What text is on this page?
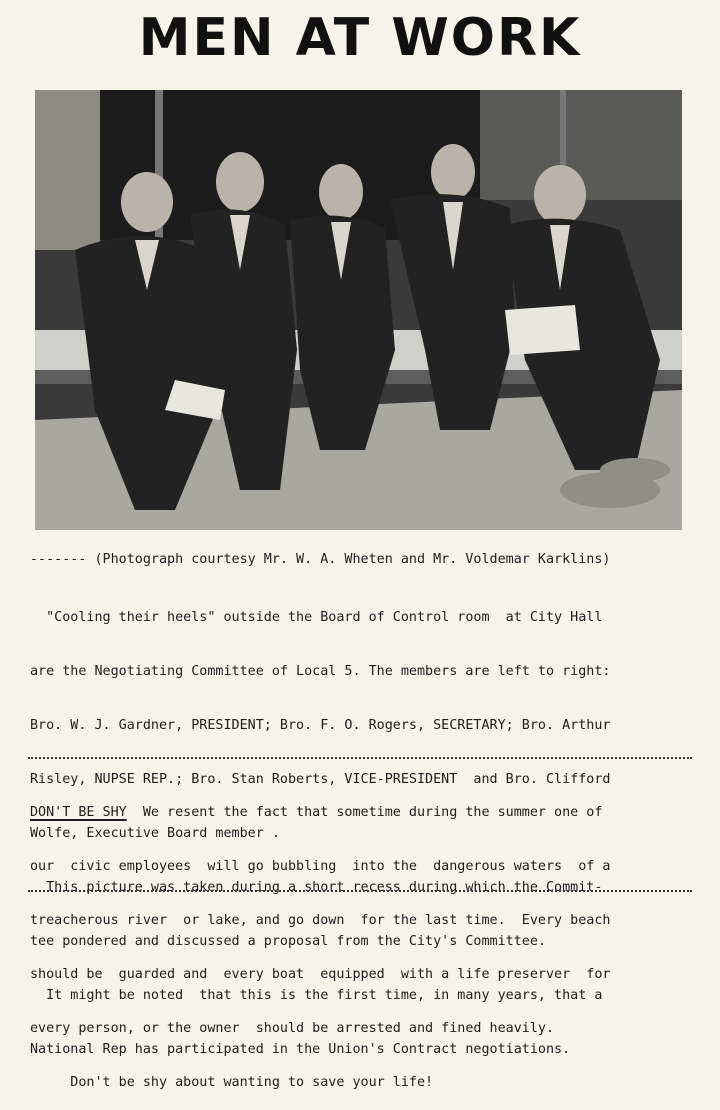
MEN AT WORK
------- (Photograph courtesy Mr. W. A. Wheten and Mr. Voldemar Karklins)

"Cooling their heels" outside the Board of Control room  at City Hall

are the Negotiating Committee of Local 5. The members are left to right:

Bro. W. J. Gardner, PRESIDENT; Bro. F. O. Rogers, SECRETARY; Bro. Arthur

Risley, NUPSE REP.; Bro. Stan Roberts, VICE-PRESIDENT  and Bro. Clifford

Wolfe, Executive Board member .

This picture was taken during a short recess during which the Commit-

tee pondered and discussed a proposal from the City's Committee.

It might be noted  that this is the first time, in many years, that a

National Rep has participated in the Union's Contract negotiations.

DON'T BE SHY  We resent the fact that sometime during the summer one of

our  civic employees  will go bubbling  into the  dangerous waters  of a

treacherous river  or lake, and go down  for the last time.  Every beach

should be  guarded and  every boat  equipped  with a life preserver  for

every person, or the owner  should be arrested and fined heavily.

Don't be shy about wanting to save your life!
